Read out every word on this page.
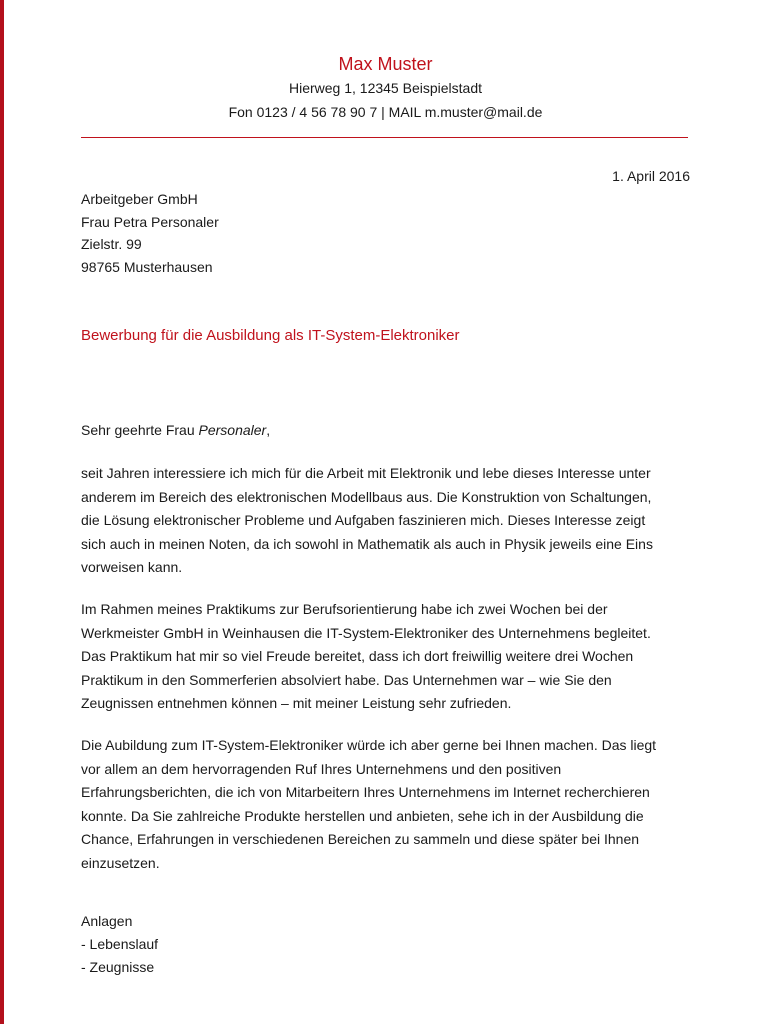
Max Muster
Hierweg 1, 12345 Beispielstadt
Fon 0123 / 4 56 78 90 7 | MAIL m.muster@mail.de
1. April 2016
Arbeitgeber GmbH
Frau Petra Personaler
Zielstr. 99
98765 Musterhausen
Bewerbung für die Ausbildung als IT-System-Elektroniker
Sehr geehrte Frau Personaler,
seit Jahren interessiere ich mich für die Arbeit mit Elektronik und lebe dieses Interesse unter
anderem im Bereich des elektronischen Modellbaus aus. Die Konstruktion von Schaltungen,
die Lösung elektronischer Probleme und Aufgaben faszinieren mich. Dieses Interesse zeigt
sich auch in meinen Noten, da ich sowohl in Mathematik als auch in Physik jeweils eine Eins
vorweisen kann.
Im Rahmen meines Praktikums zur Berufsorientierung habe ich zwei Wochen bei der
Werkmeister GmbH in Weinhausen die IT-System-Elektroniker des Unternehmens begleitet.
Das Praktikum hat mir so viel Freude bereitet, dass ich dort freiwillig weitere drei Wochen
Praktikum in den Sommerferien absolviert habe. Das Unternehmen war – wie Sie den
Zeugnissen entnehmen können – mit meiner Leistung sehr zufrieden.
Die Aubildung zum IT-System-Elektroniker würde ich aber gerne bei Ihnen machen. Das liegt
vor allem an dem hervorragenden Ruf Ihres Unternehmens und den positiven
Erfahrungsberichten, die ich von Mitarbeitern Ihres Unternehmens im Internet recherchieren
konnte. Da Sie zahlreiche Produkte herstellen und anbieten, sehe ich in der Ausbildung die
Chance, Erfahrungen in verschiedenen Bereichen zu sammeln und diese später bei Ihnen
einzusetzen.
Anlagen
- Lebenslauf
- Zeugnisse
